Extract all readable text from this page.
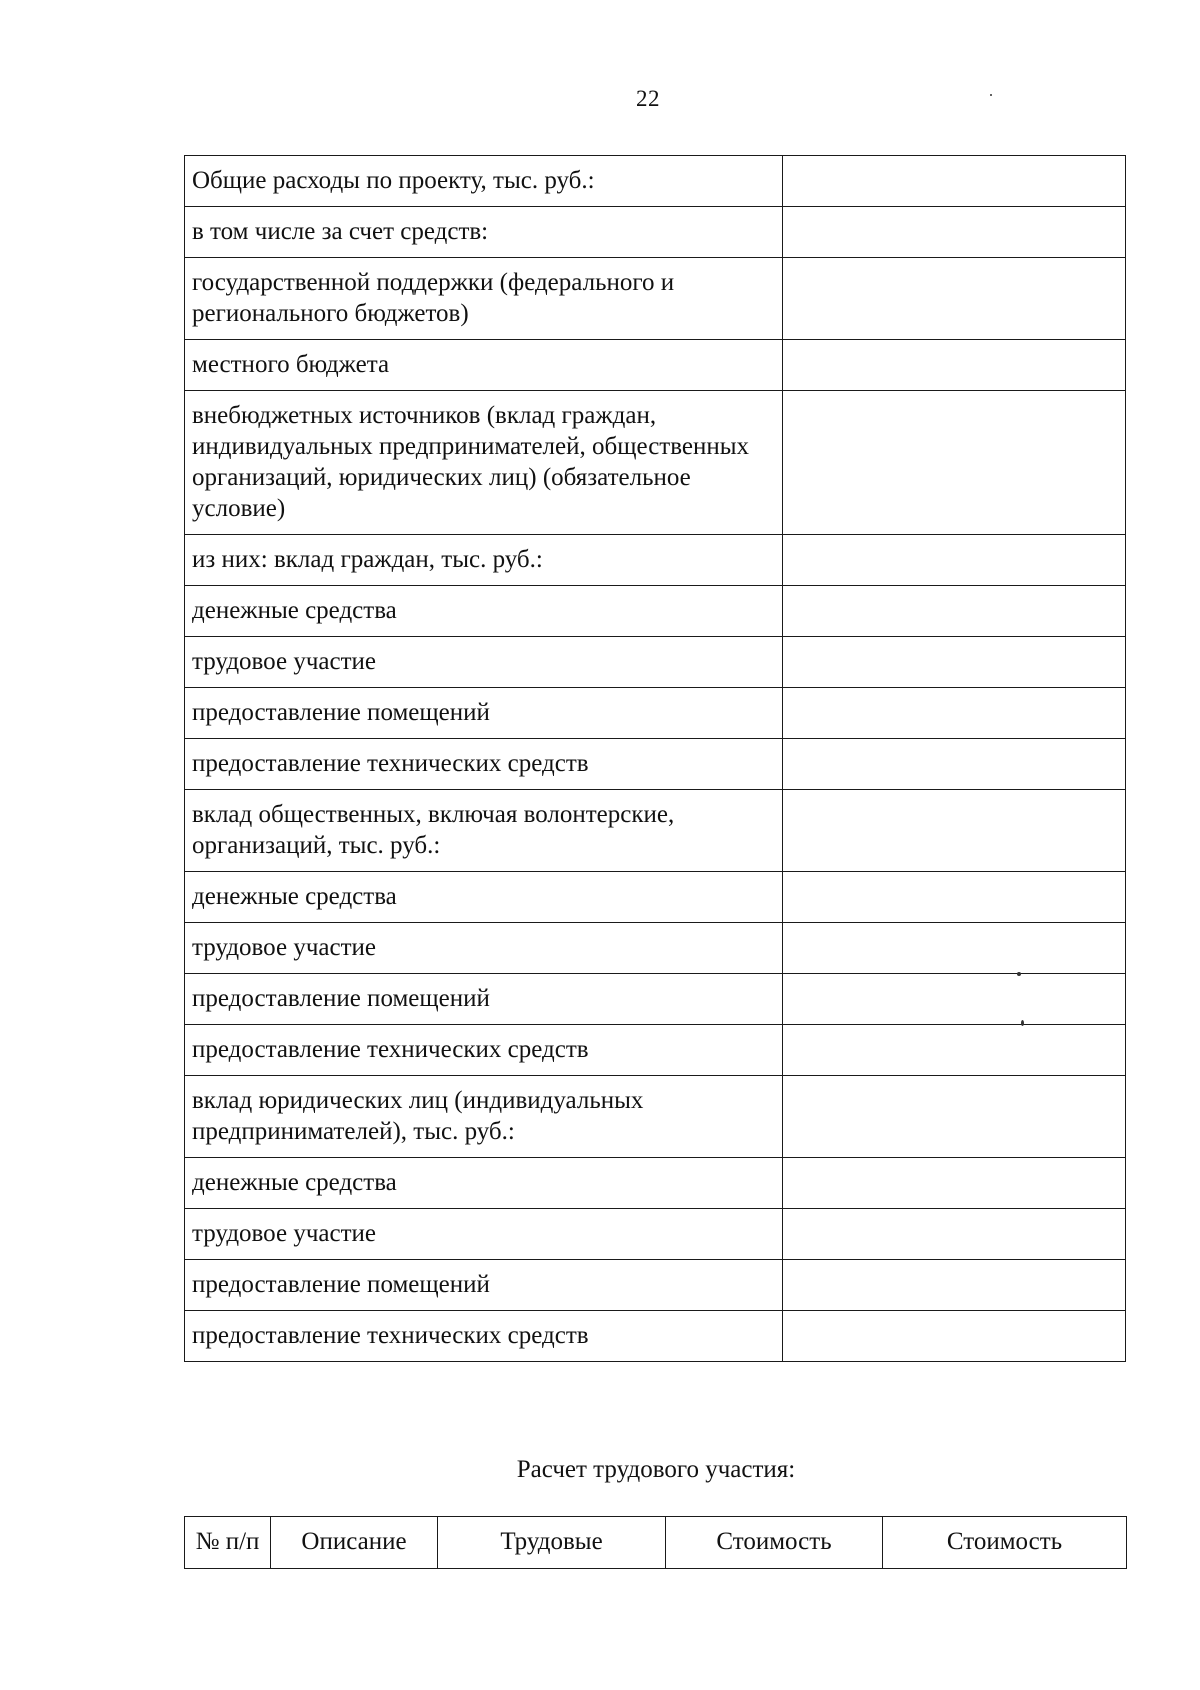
22
Общие расходы по проекту, тыс. руб.:	
в том числе за счет средств:	
государственной поддержки (федерального и регионального бюджетов)	
местного бюджета	
внебюджетных источников (вклад граждан, индивидуальных предпринимателей, общественных организаций, юридических лиц) (обязательное условие)	
из них: вклад граждан, тыс. руб.:	
денежные средства	
трудовое участие	
предоставление помещений	
предоставление технических средств	
вклад общественных, включая волонтерские, организаций, тыс. руб.:	
денежные средства	
трудовое участие	
предоставление помещений	
предоставление технических средств	
вклад юридических лиц (индивидуальных предпринимателей), тыс. руб.:	
денежные средства	
трудовое участие	
предоставление помещений	
предоставление технических средств	
Расчет трудового участия:
№ п/п	Описание	Трудовые	Стоимость	Стоимость
